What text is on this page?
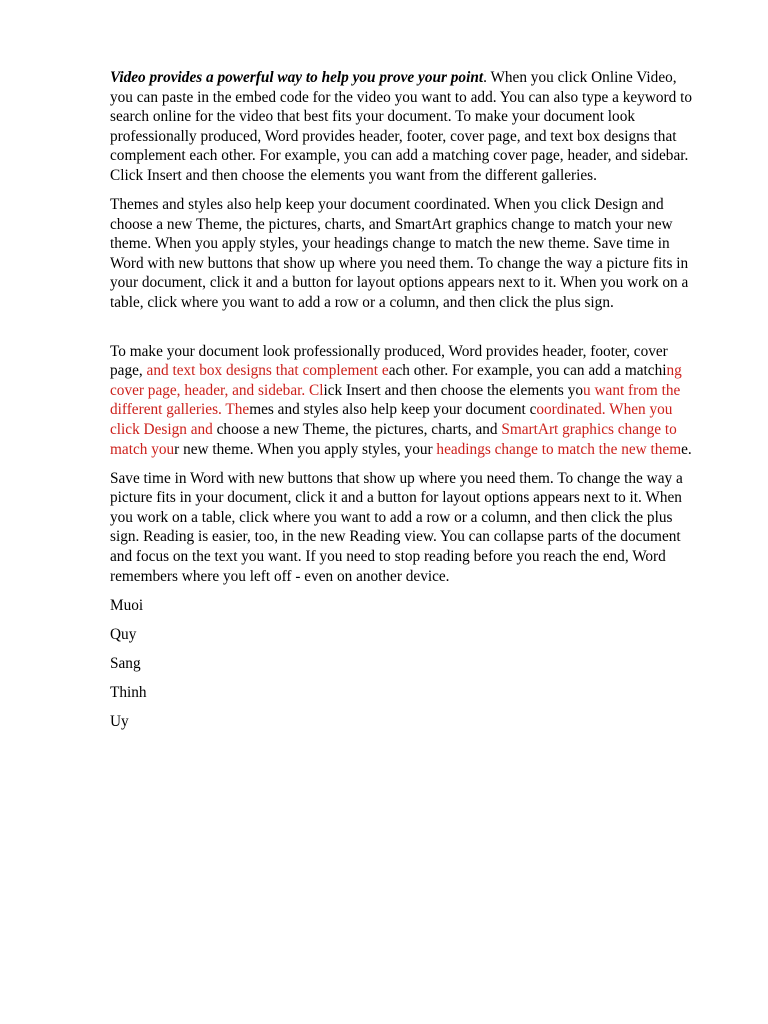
Video provides a powerful way to help you prove your point. When you click Online Video, you can paste in the embed code for the video you want to add. You can also type a keyword to search online for the video that best fits your document. To make your document look professionally produced, Word provides header, footer, cover page, and text box designs that complement each other. For example, you can add a matching cover page, header, and sidebar. Click Insert and then choose the elements you want from the different galleries.

Themes and styles also help keep your document coordinated. When you click Design and choose a new Theme, the pictures, charts, and SmartArt graphics change to match your new theme. When you apply styles, your headings change to match the new theme. Save time in Word with new buttons that show up where you need them. To change the way a picture fits in your document, click it and a button for layout options appears next to it. When you work on a table, click where you want to add a row or a column, and then click the plus sign.

To make your document look professionally produced, Word provides header, footer, cover page, and text box designs that complement each other. For example, you can add a matching cover page, header, and sidebar. Click Insert and then choose the elements you want from the different galleries. Themes and styles also help keep your document coordinated. When you click Design and choose a new Theme, the pictures, charts, and SmartArt graphics change to match your new theme. When you apply styles, your headings change to match the new theme.

Save time in Word with new buttons that show up where you need them. To change the way a picture fits in your document, click it and a button for layout options appears next to it. When you work on a table, click where you want to add a row or a column, and then click the plus sign. Reading is easier, too, in the new Reading view. You can collapse parts of the document and focus on the text you want. If you need to stop reading before you reach the end, Word remembers where you left off - even on another device.

Muoi

Quy

Sang

Thinh

Uy
